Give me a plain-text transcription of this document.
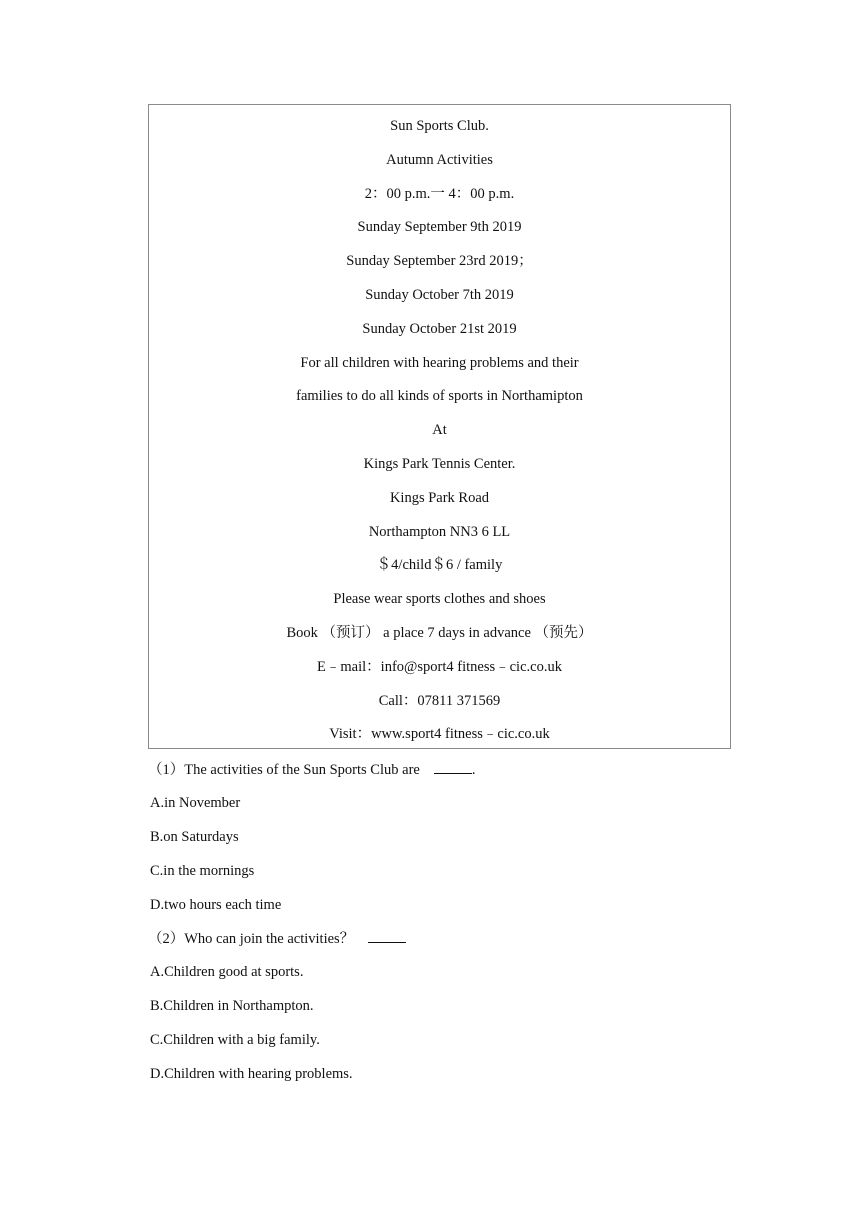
Sun Sports Club.
Autumn Activities
2：00 p.m.一 4：00 p.m.
Sunday September 9th 2019
Sunday September 23rd 2019；
Sunday October 7th 2019
Sunday October 21st 2019
For all children with hearing problems and their
families to do all kinds of sports in Northamipton
At
Kings Park Tennis Center.
Kings Park Road
Northampton NN3 6 LL
＄4/child＄6 / family
Please wear sports clothes and shoes
Book （预订） a place 7 days in advance （预先）
E﹣mail：info@sport4 fitness﹣cic.co.uk
Call：07811 371569
Visit：www.sport4 fitness﹣cic.co.uk
（1）The activities of the Sun Sports Club are	.
A.in November
B.on Saturdays
C.in the mornings
D.two hours each time
（2）Who can join the activities？
A.Children good at sports.
B.Children in Northampton.
C.Children with a big family.
D.Children with hearing problems.
